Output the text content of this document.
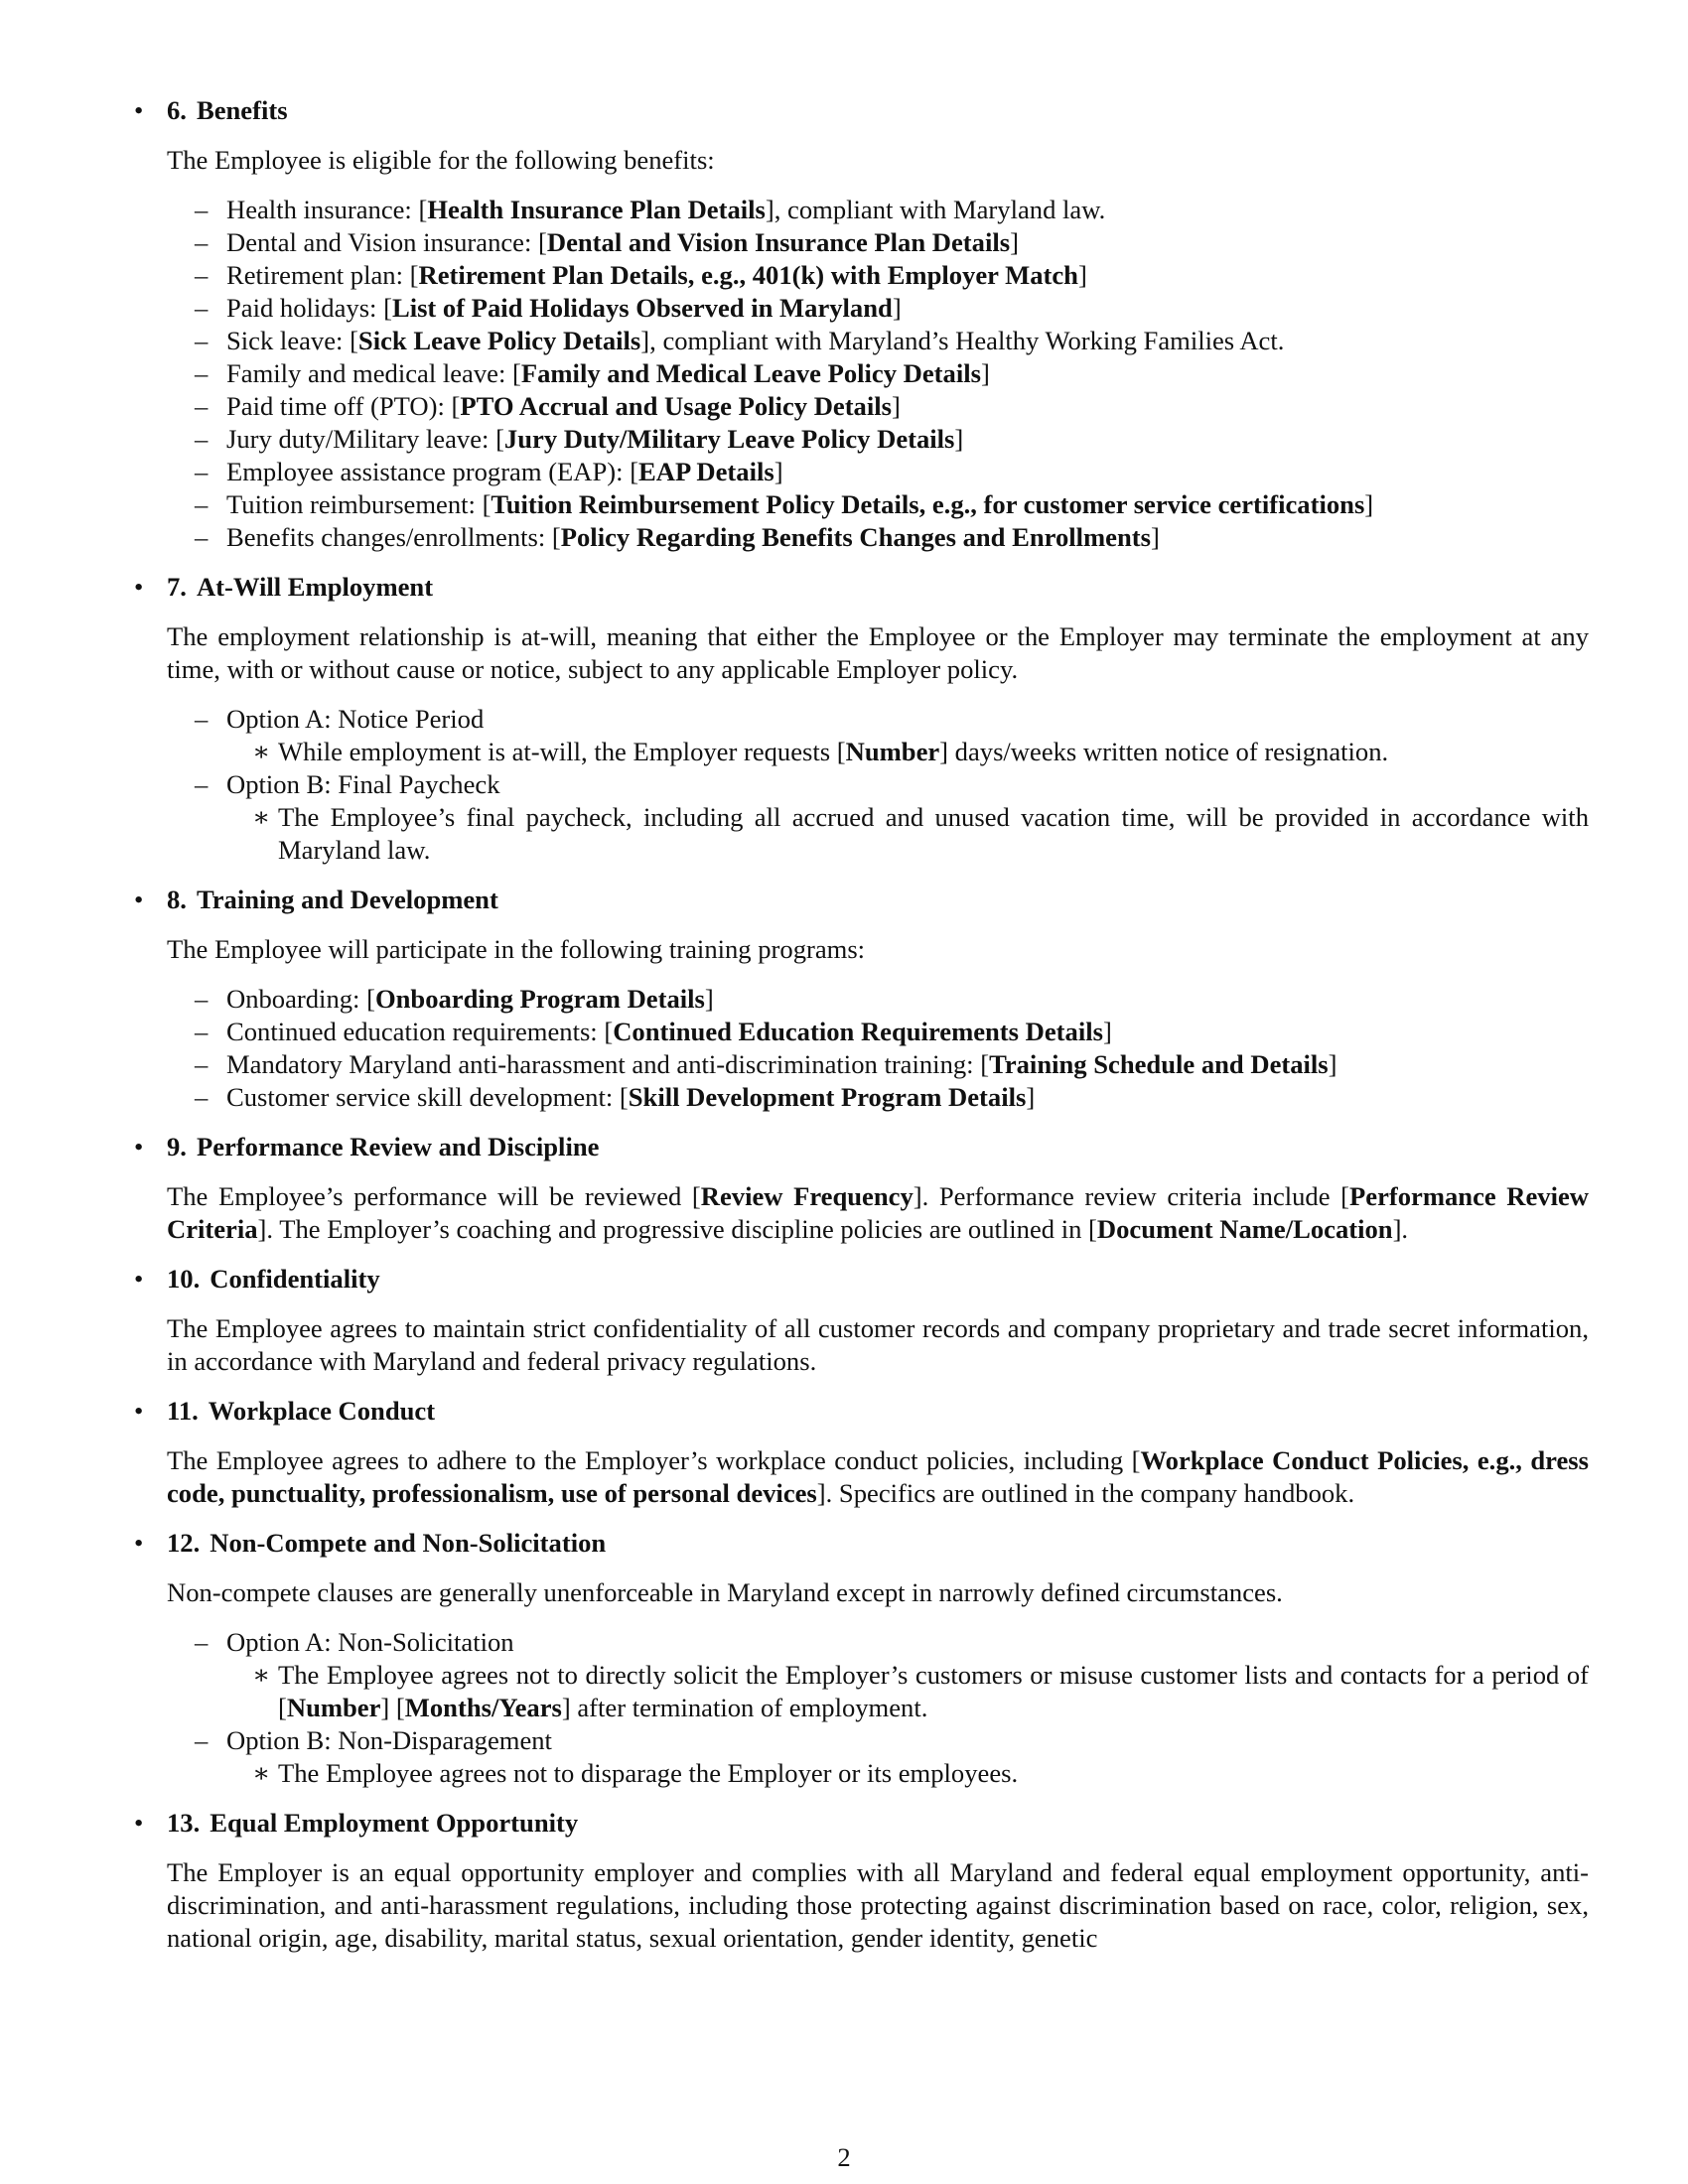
• 6. Benefits
The Employee is eligible for the following benefits:
– Health insurance: [Health Insurance Plan Details], compliant with Maryland law.
– Dental and Vision insurance: [Dental and Vision Insurance Plan Details]
– Retirement plan: [Retirement Plan Details, e.g., 401(k) with Employer Match]
– Paid holidays: [List of Paid Holidays Observed in Maryland]
– Sick leave: [Sick Leave Policy Details], compliant with Maryland’s Healthy Working Families Act.
– Family and medical leave: [Family and Medical Leave Policy Details]
– Paid time off (PTO): [PTO Accrual and Usage Policy Details]
– Jury duty/Military leave: [Jury Duty/Military Leave Policy Details]
– Employee assistance program (EAP): [EAP Details]
– Tuition reimbursement: [Tuition Reimbursement Policy Details, e.g., for customer service certifications]
– Benefits changes/enrollments: [Policy Regarding Benefits Changes and Enrollments]
• 7. At-Will Employment
The employment relationship is at-will, meaning that either the Employee or the Employer may terminate the employment at any time, with or without cause or notice, subject to any applicable Employer policy.
– Option A: Notice Period
∗ While employment is at-will, the Employer requests [Number] days/weeks written notice of resignation.
– Option B: Final Paycheck
∗ The Employee’s final paycheck, including all accrued and unused vacation time, will be provided in accordance with Maryland law.
• 8. Training and Development
The Employee will participate in the following training programs:
– Onboarding: [Onboarding Program Details]
– Continued education requirements: [Continued Education Requirements Details]
– Mandatory Maryland anti-harassment and anti-discrimination training: [Training Schedule and Details]
– Customer service skill development: [Skill Development Program Details]
• 9. Performance Review and Discipline
The Employee’s performance will be reviewed [Review Frequency]. Performance review criteria include [Performance Review Criteria]. The Employer’s coaching and progressive discipline policies are outlined in [Document Name/Location].
• 10. Confidentiality
The Employee agrees to maintain strict confidentiality of all customer records and company proprietary and trade secret information, in accordance with Maryland and federal privacy regulations.
• 11. Workplace Conduct
The Employee agrees to adhere to the Employer’s workplace conduct policies, including [Workplace Conduct Policies, e.g., dress code, punctuality, professionalism, use of personal devices]. Specifics are outlined in the company handbook.
• 12. Non-Compete and Non-Solicitation
Non-compete clauses are generally unenforceable in Maryland except in narrowly defined circumstances.
– Option A: Non-Solicitation
∗ The Employee agrees not to directly solicit the Employer’s customers or misuse customer lists and contacts for a period of [Number] [Months/Years] after termination of employment.
– Option B: Non-Disparagement
∗ The Employee agrees not to disparage the Employer or its employees.
• 13. Equal Employment Opportunity
The Employer is an equal opportunity employer and complies with all Maryland and federal equal employment opportunity, anti-discrimination, and anti-harassment regulations, including those protecting against discrimination based on race, color, religion, sex, national origin, age, disability, marital status, sexual orientation, gender identity, genetic
2
